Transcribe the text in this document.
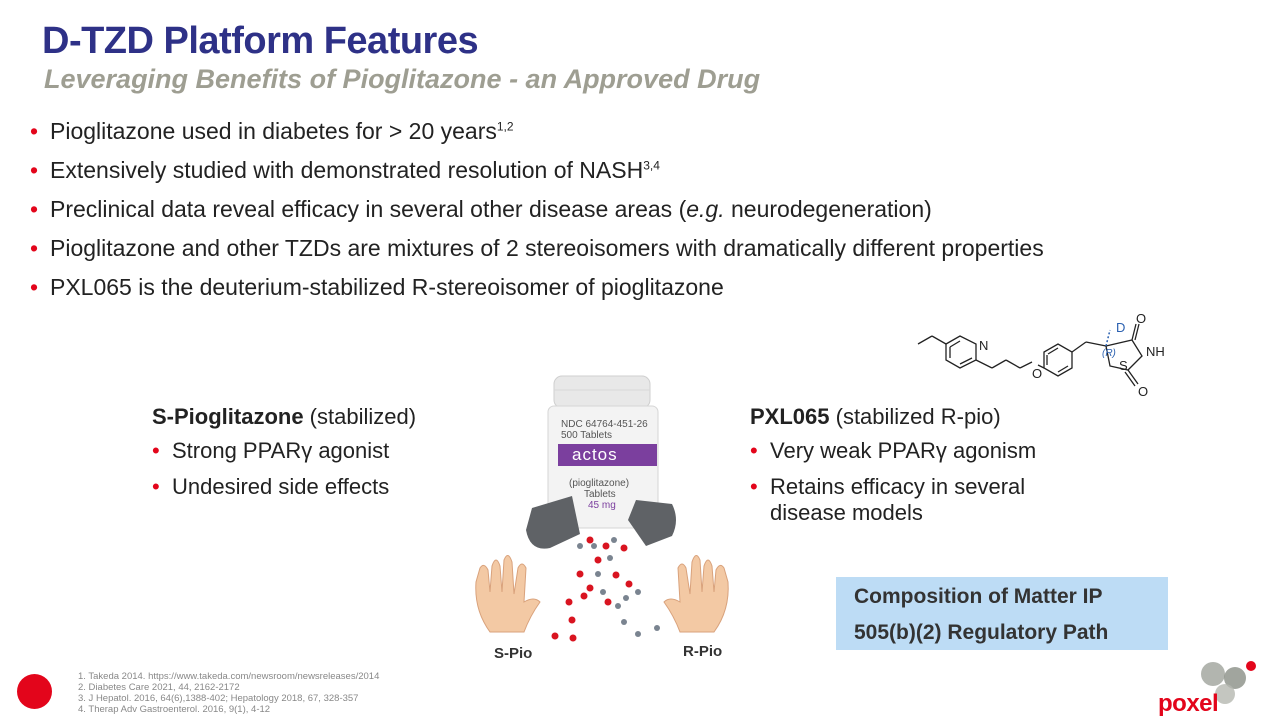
D-TZD Platform Features
Leveraging Benefits of Pioglitazone - an Approved Drug
• Pioglitazone used in diabetes for > 20 years$^{1,2}$
• Extensively studied with demonstrated resolution of NASH$^{3,4}$
• Preclinical data reveal efficacy in several other disease areas (e.g. neurodegeneration)
• Pioglitazone and other TZDs are mixtures of 2 stereoisomers with dramatically different properties
• PXL065 is the deuterium-stabilized R-stereoisomer of pioglitazone
D
(R)
N
O
NH
S
O
O
S-Pioglitazone (stabilized)
• Strong PPARγ agonist
• Undesired side effects
PXL065 (stabilized R-pio)
• Very weak PPARγ agonism
• Retains efficacy in several disease models
NDC 64764-451-26
500 Tablets
actos
(pioglitazone)
Tablets
45 mg
S-Pio	R-Pio
Composition of Matter IP
505(b)(2) Regulatory Path
1. Takeda 2014. https://www.takeda.com/newsroom/newsreleases/2014
2. Diabetes Care 2021, 44, 2162-2172
3. J Hepatol. 2016, 64(6),1388-402; Hepatology 2018, 67, 328-357
4. Therap Adv Gastroenterol. 2016, 9(1), 4-12	poxel
